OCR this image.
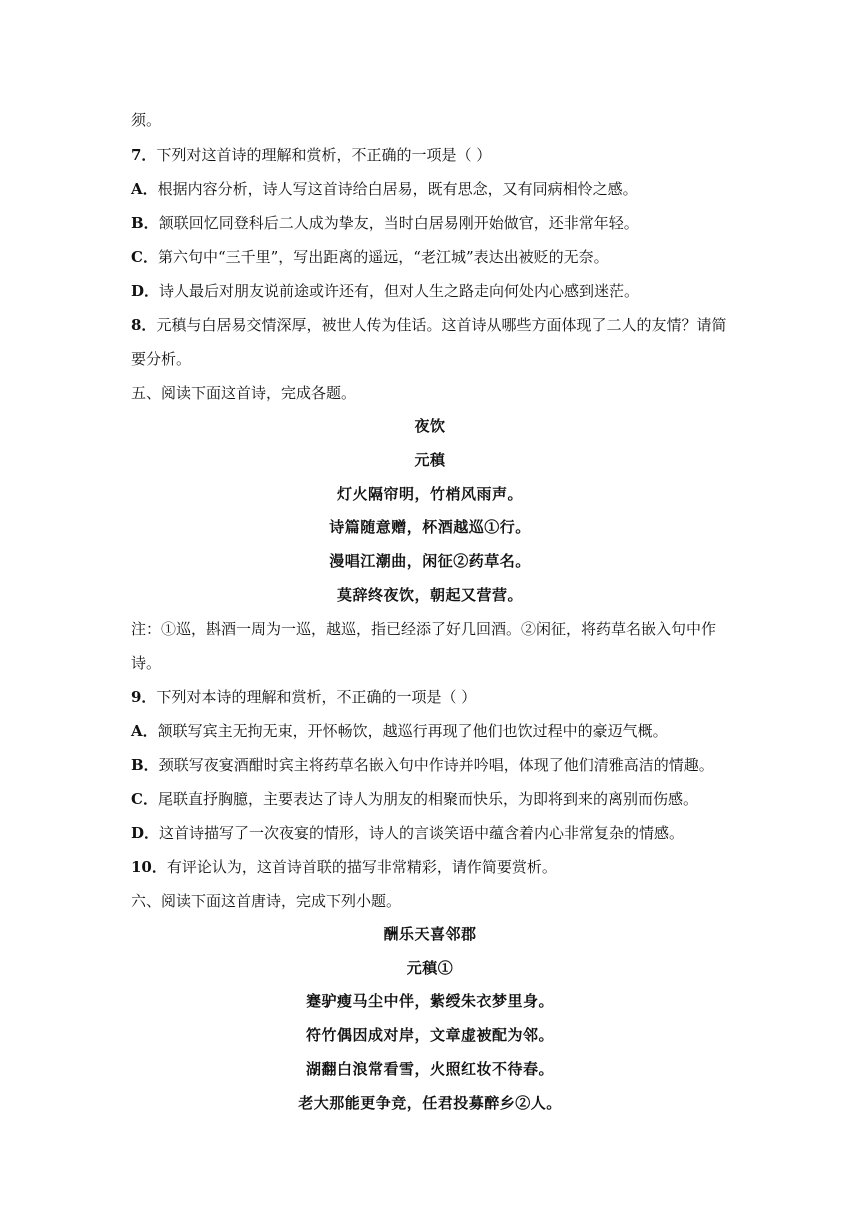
须。
7．下列对这首诗的理解和赏析，不正确的一项是（ ）
A．根据内容分析，诗人写这首诗给白居易，既有思念，又有同病相怜之感。
B．颔联回忆同登科后二人成为挚友，当时白居易刚开始做官，还非常年轻。
C．第六句中“三千里”，写出距离的遥远，“老江城”表达出被贬的无奈。
D．诗人最后对朋友说前途或许还有，但对人生之路走向何处内心感到迷茫。
8．元稹与白居易交情深厚，被世人传为佳话。这首诗从哪些方面体现了二人的友情？请简
要分析。
五、阅读下面这首诗，完成各题。
夜饮
元稹
灯火隔帘明，竹梢风雨声。
诗篇随意赠，杯酒越巡①行。
漫唱江潮曲，闲征②药草名。
莫辞终夜饮，朝起又营营。
注：①巡，斟酒一周为一巡，越巡，指已经添了好几回酒。②闲征，将药草名嵌入句中作
诗。
9．下列对本诗的理解和赏析，不正确的一项是（ ）
A．颔联写宾主无拘无束，开怀畅饮，越巡行再现了他们也饮过程中的豪迈气概。
B．颈联写夜宴酒酣时宾主将药草名嵌入句中作诗并吟唱，体现了他们清雅高洁的情趣。
C．尾联直抒胸臆，主要表达了诗人为朋友的相聚而快乐，为即将到来的离别而伤感。
D．这首诗描写了一次夜宴的情形，诗人的言谈笑语中蕴含着内心非常复杂的情感。
10．有评论认为，这首诗首联的描写非常精彩，请作简要赏析。
六、阅读下面这首唐诗，完成下列小题。
酬乐天喜邻郡
元稹①
蹇驴瘦马尘中伴，紫绶朱衣梦里身。
符竹偶因成对岸，文章虚被配为邻。
湖翻白浪常看雪，火照红妆不待春。
老大那能更争竞，任君投募醉乡②人。
